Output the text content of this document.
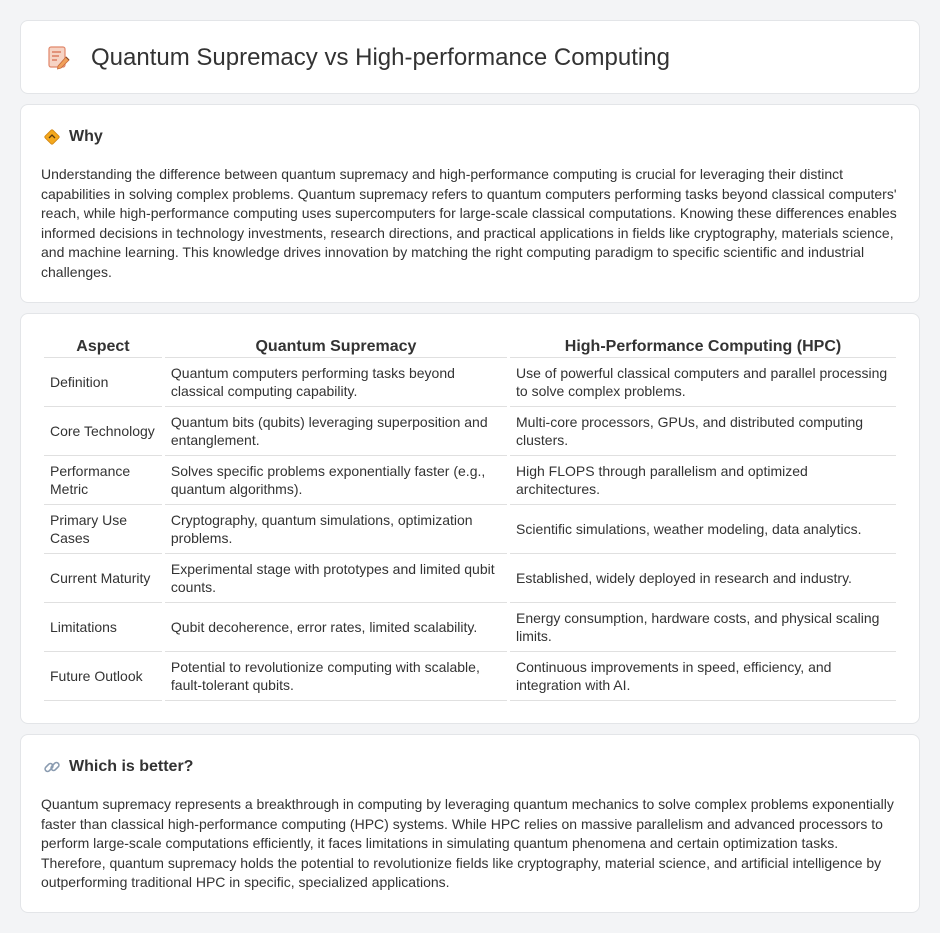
Quantum Supremacy vs High-performance Computing
Why

Understanding the difference between quantum supremacy and high-performance computing is crucial for leveraging their distinct capabilities in solving complex problems. Quantum supremacy refers to quantum computers performing tasks beyond classical computers' reach, while high-performance computing uses supercomputers for large-scale classical computations. Knowing these differences enables informed decisions in technology investments, research directions, and practical applications in fields like cryptography, materials science, and machine learning. This knowledge drives innovation by matching the right computing paradigm to specific scientific and industrial challenges.

Aspect	Quantum Supremacy	High-Performance Computing (HPC)
Definition	Quantum computers performing tasks beyond classical computing capability.	Use of powerful classical computers and parallel processing to solve complex problems.
Core Technology	Quantum bits (qubits) leveraging superposition and entanglement.	Multi-core processors, GPUs, and distributed computing clusters.
Performance Metric	Solves specific problems exponentially faster (e.g., quantum algorithms).	High FLOPS through parallelism and optimized architectures.
Primary Use Cases	Cryptography, quantum simulations, optimization problems.	Scientific simulations, weather modeling, data analytics.
Current Maturity	Experimental stage with prototypes and limited qubit counts.	Established, widely deployed in research and industry.
Limitations	Qubit decoherence, error rates, limited scalability.	Energy consumption, hardware costs, and physical scaling limits.
Future Outlook	Potential to revolutionize computing with scalable, fault-tolerant qubits.	Continuous improvements in speed, efficiency, and integration with AI.
Which is better?

Quantum supremacy represents a breakthrough in computing by leveraging quantum mechanics to solve complex problems exponentially faster than classical high-performance computing (HPC) systems. While HPC relies on massive parallelism and advanced processors to perform large-scale computations efficiently, it faces limitations in simulating quantum phenomena and certain optimization tasks. Therefore, quantum supremacy holds the potential to revolutionize fields like cryptography, material science, and artificial intelligence by outperforming traditional HPC in specific, specialized applications.
